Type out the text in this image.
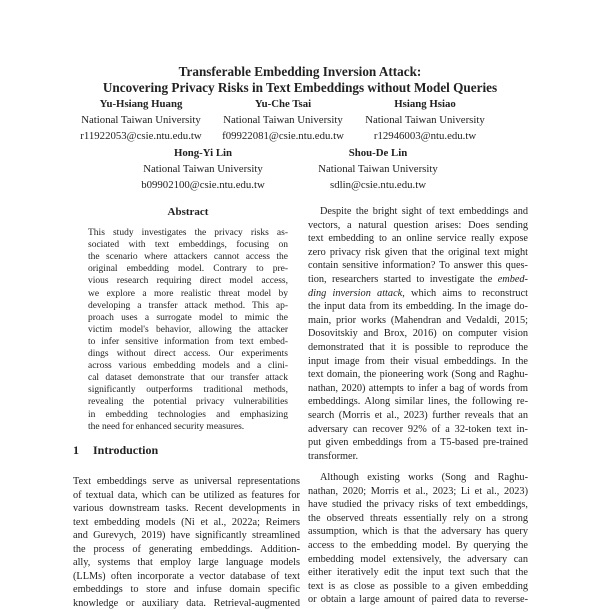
Transferable Embedding Inversion Attack:
Uncovering Privacy Risks in Text Embeddings without Model Queries
Yu-Hsiang Huang
National Taiwan University
r11922053@csie.ntu.edu.tw
Yu-Che Tsai
National Taiwan University
f09922081@csie.ntu.edu.tw
Hsiang Hsiao
National Taiwan University
r12946003@ntu.edu.tw
Hong-Yi Lin
National Taiwan University
b09902100@csie.ntu.edu.tw
Shou-De Lin
National Taiwan University
sdlin@csie.ntu.edu.tw
Abstract
This study investigates the privacy risks as-
sociated with text embeddings, focusing on
the scenario where attackers cannot access the
original embedding model. Contrary to pre-
vious research requiring direct model access,
we explore a more realistic threat model by
developing a transfer attack method. This ap-
proach uses a surrogate model to mimic the
victim model's behavior, allowing the attacker
to infer sensitive information from text embed-
dings without direct access. Our experiments
across various embedding models and a clini-
cal dataset demonstrate that our transfer attack
significantly outperforms traditional methods,
revealing the potential privacy vulnerabilities
in embedding technologies and emphasizing
the need for enhanced security measures.
1 Introduction
Text embeddings serve as universal representations
of textual data, which can be utilized as features for
various downstream tasks. Recent developments in
text embedding models (Ni et al., 2022a; Reimers
and Gurevych, 2019) have significantly streamlined
the process of generating embeddings. Addition-
ally, systems that employ large language models
(LLMs) often incorporate a vector database of text
embeddings to store and infuse domain specific
knowledge or auxiliary data. Retrieval-augmented
Despite the bright sight of text embeddings and
vectors, a natural question arises: Does sending
text embedding to an online service really expose
zero privacy risk given that the original text might
contain sensitive information? To answer this ques-
tion, researchers started to investigate the embed-
ding inversion attack, which aims to reconstruct
the input data from its embedding. In the image do-
main, prior works (Mahendran and Vedaldi, 2015;
Dosovitskiy and Brox, 2016) on computer vision
demonstrated that it is possible to reproduce the
input image from their visual embeddings. In the
text domain, the pioneering work (Song and Raghu-
nathan, 2020) attempts to infer a bag of words from
embeddings. Along similar lines, the following re-
search (Morris et al., 2023) further reveals that an
adversary can recover 92% of a 32-token text in-
put given embeddings from a T5-based pre-trained
transformer.
Although existing works (Song and Raghu-
nathan, 2020; Morris et al., 2023; Li et al., 2023)
have studied the privacy risks of text embeddings,
the observed threats essentially rely on a strong
assumption, which is that the adversary has query
access to the embedding model. By querying the
embedding model extensively, the adversary can
either iteratively edit the input text such that the
text is as close as possible to a given embedding
or obtain a large amount of paired data to reverse-
